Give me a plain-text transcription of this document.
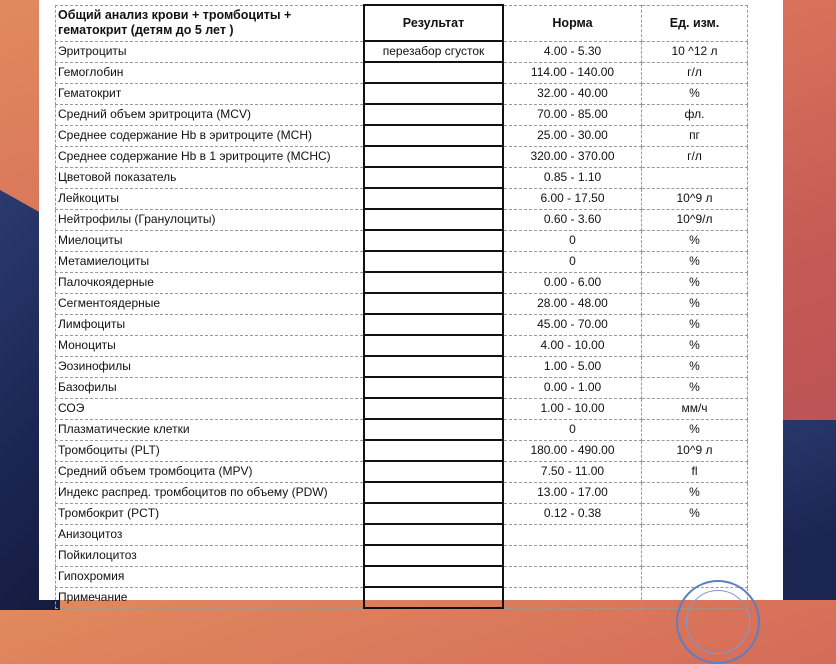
Общий анализ крови + тромбоциты + гематокрит (детям до 5 лет )	Результат	Норма	Ед. изм.
Эритроциты	перезабор сгусток	4.00 - 5.30	10 ^12 л
Гемоглобин		114.00 - 140.00	г/л
Гематокрит		32.00 - 40.00	%
Средний объем эритроцита (MCV)		70.00 - 85.00	фл.
Среднее содержание Hb в эритроците (MCH)		25.00 - 30.00	пг
Среднее содержание Hb в 1 эритроците (MCHC)		320.00 - 370.00	г/л
Цветовой показатель		0.85 - 1.10	
Лейкоциты		6.00 - 17.50	10^9 л
Нейтрофилы (Гранулоциты)		0.60 - 3.60	10^9/л
Миелоциты		0	%
Метамиелоциты		0	%
Палочкоядерные		0.00 - 6.00	%
Сегментоядерные		28.00 - 48.00	%
Лимфоциты		45.00 - 70.00	%
Моноциты		4.00 - 10.00	%
Эозинофилы		1.00 - 5.00	%
Базофилы		0.00 - 1.00	%
СОЭ		1.00 - 10.00	мм/ч
Плазматические клетки		0	%
Тромбоциты (PLT)		180.00 - 490.00	10^9 л
Средний объем тромбоцита (MPV)		7.50 - 11.00	fl
Индекс распред. тромбоцитов по объему (PDW)		13.00 - 17.00	%
Тромбокрит (PCT)		0.12 - 0.38	%
Анизоцитоз			
Пойкилоцитоз			
Гипохромия			
Примечание			
